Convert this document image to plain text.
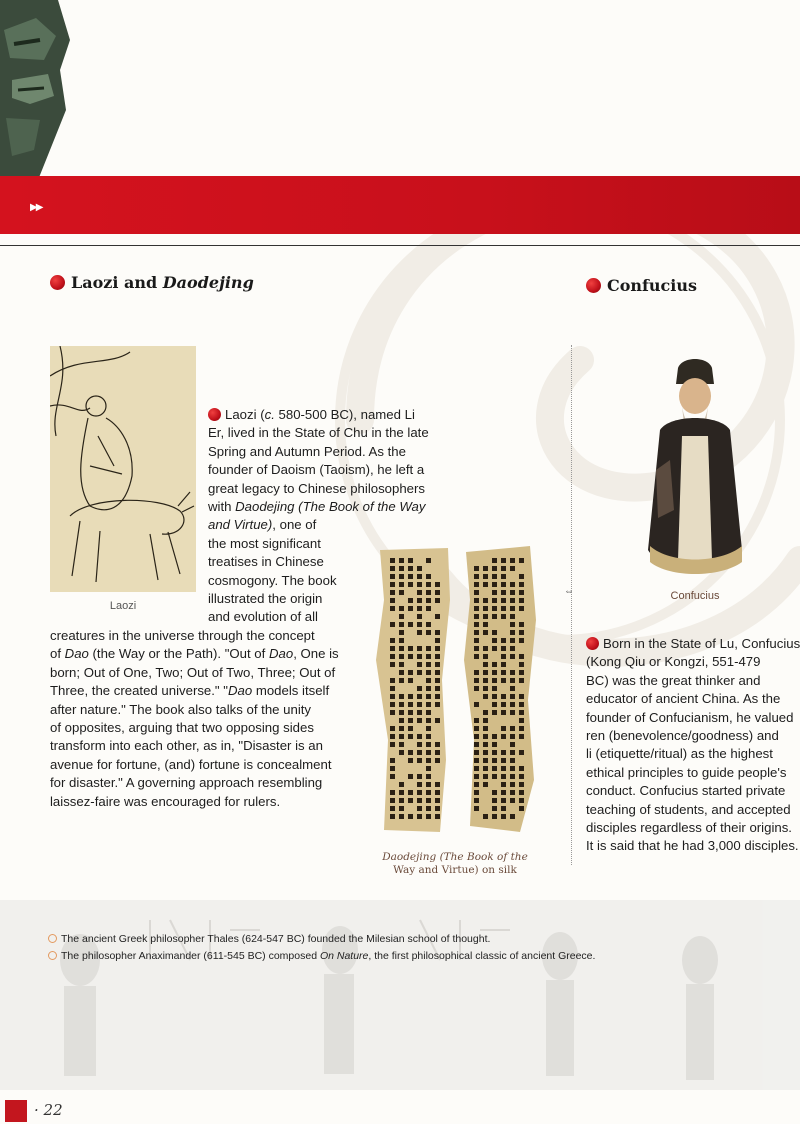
▶▶
Laozi and Daodejing
Laozi
Laozi (c. 580-500 BC), named Li
Er, lived in the State of Chu in the late
Spring and Autumn Period. As the
founder of Daoism (Taoism), he left a
great legacy to Chinese philosophers
with Daodejing (The Book of the Way
and Virtue), one of
the most significant
treatises in Chinese
cosmogony. The book
illustrated the origin
and evolution of all
creatures in the universe through the concept
of Dao (the Way or the Path). "Out of Dao, One is
born; Out of One, Two; Out of Two, Three; Out of
Three, the created universe." "Dao models itself
after nature." The book also talks of the unity
of opposites, arguing that two opposing sides
transform into each other, as in, "Disaster is an
avenue for fortune, (and) fortune is concealment
for disaster." A governing approach resembling
laissez-faire was encouraged for rulers.
Daodejing (The Book of the
Way and Virtue) on silk
⇔
Confucius
Confucius
Born in the State of Lu, Confucius
(Kong Qiu or Kongzi, 551-479
BC) was the great thinker and
educator of ancient China. As the
founder of Confucianism, he valued
ren (benevolence/goodness) and
li (etiquette/ritual) as the highest
ethical principles to guide people's
conduct. Confucius started private
teaching of students, and accepted
disciples regardless of their origins.
It is said that he had 3,000 disciples.
The ancient Greek philosopher Thales (624-547 BC) founded the Milesian school of thought.
The philosopher Anaximander (611-545 BC) composed On Nature, the first philosophical classic of ancient Greece.
· 22
